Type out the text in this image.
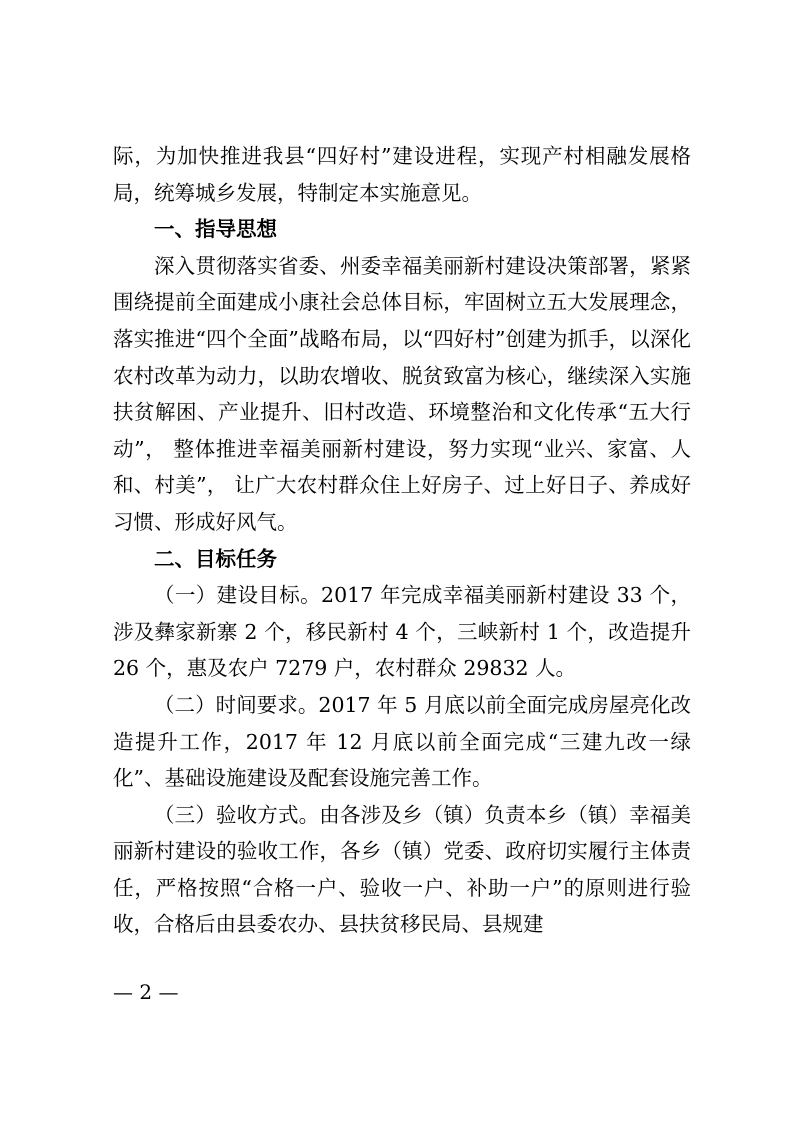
际，为加快推进我县“四好村”建设进程，实现产村相融发展格局，统筹城乡发展，特制定本实施意见。

一、指导思想

深入贯彻落实省委、州委幸福美丽新村建设决策部署，紧紧围绕提前全面建成小康社会总体目标，牢固树立五大发展理念，落实推进“四个全面”战略布局，以“四好村”创建为抓手，以深化农村改革为动力，以助农增收、脱贫致富为核心，继续深入实施扶贫解困、产业提升、旧村改造、环境整治和文化传承“五大行动”， 整体推进幸福美丽新村建设，努力实现“业兴、家富、人和、村美”， 让广大农村群众住上好房子、过上好日子、养成好习惯、形成好风气。

二、目标任务

（一）建设目标。2017 年完成幸福美丽新村建设 33 个，涉及彝家新寨 2 个，移民新村 4 个，三峡新村 1 个，改造提升 26 个，惠及农户 7279 户，农村群众 29832 人。

（二）时间要求。2017 年 5 月底以前全面完成房屋亮化改造提升工作，2017 年 12 月底以前全面完成“三建九改一绿化”、基础设施建设及配套设施完善工作。

（三）验收方式。由各涉及乡（镇）负责本乡（镇）幸福美丽新村建设的验收工作，各乡（镇）党委、政府切实履行主体责任，严格按照“合格一户、验收一户、补助一户”的原则进行验收，合格后由县委农办、县扶贫移民局、县规建

— 2 —
